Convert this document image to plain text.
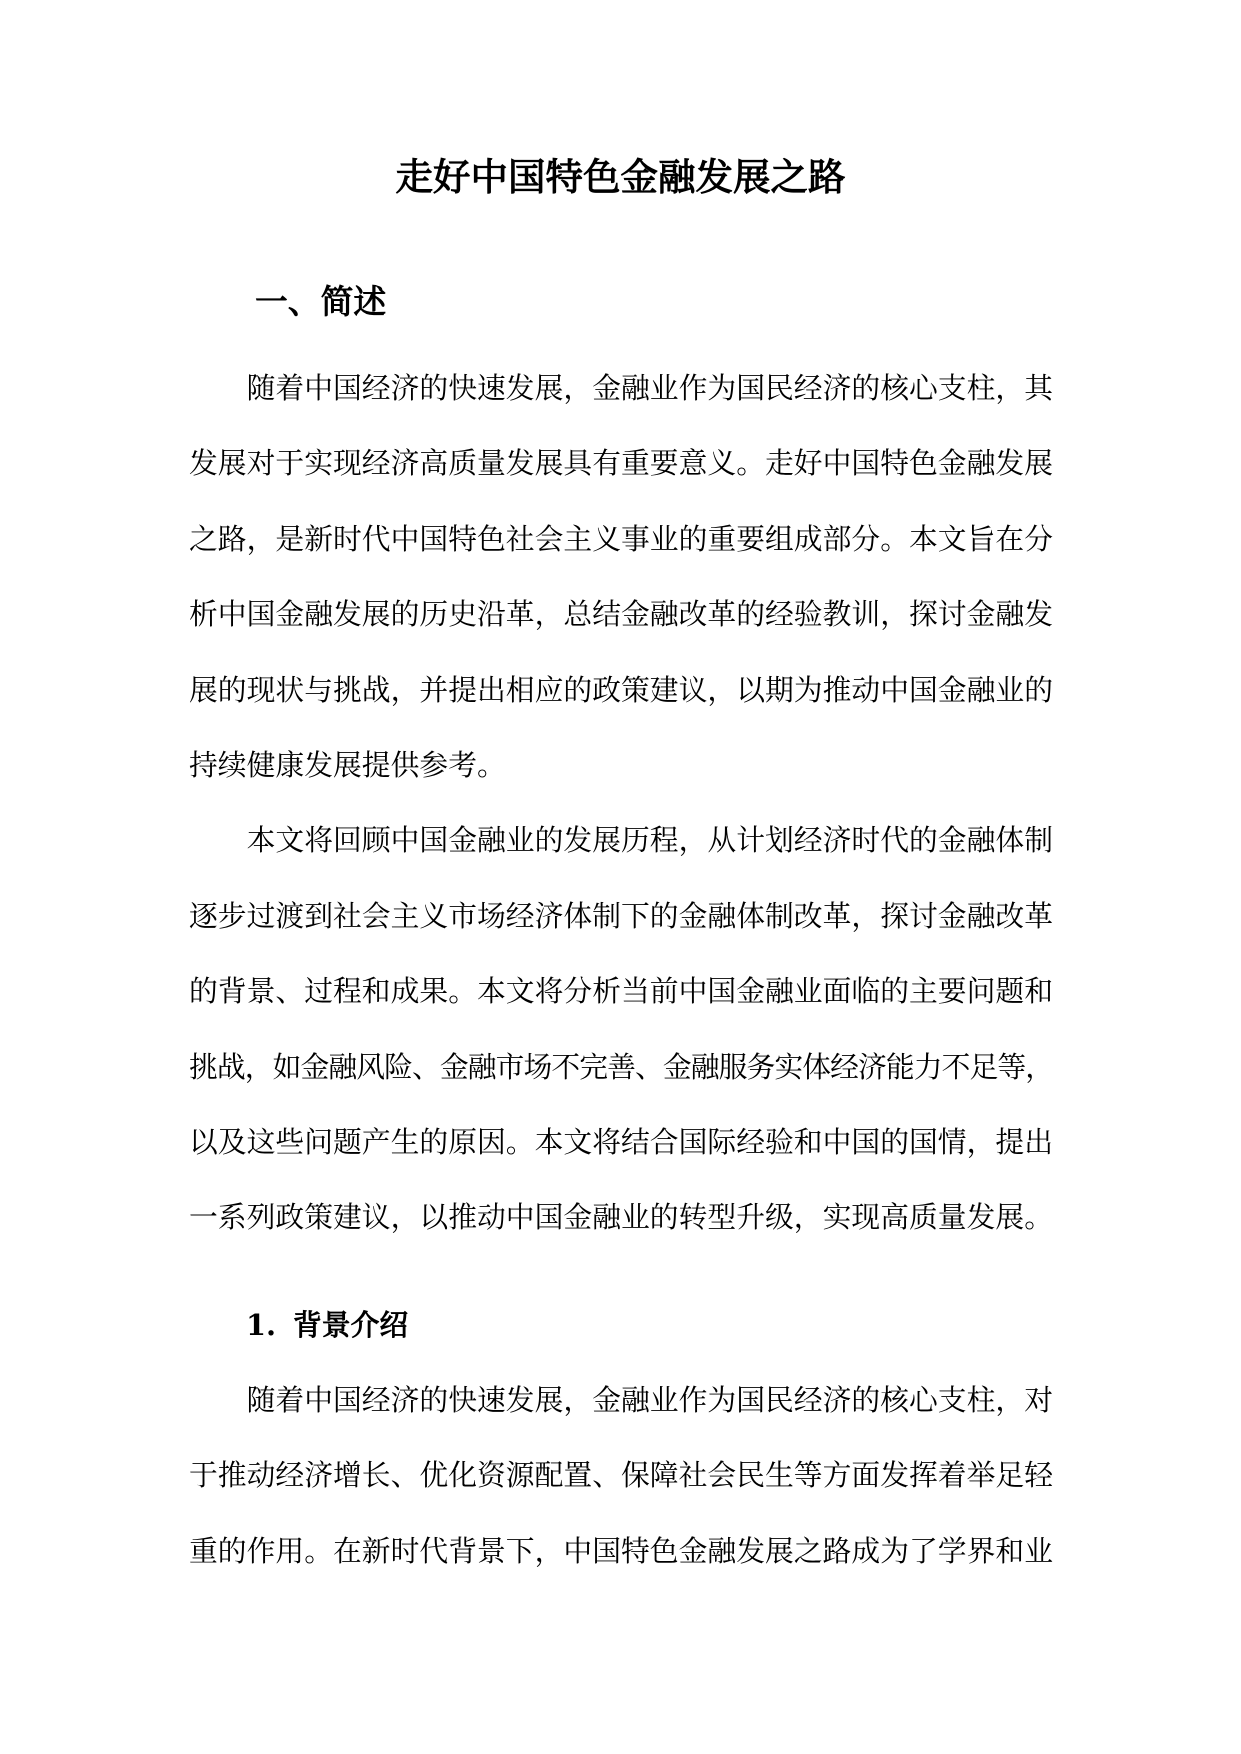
走好中国特色金融发展之路
一、简述
随着中国经济的快速发展，金融业作为国民经济的核心支柱，其
发展对于实现经济高质量发展具有重要意义。走好中国特色金融发展
之路，是新时代中国特色社会主义事业的重要组成部分。本文旨在分
析中国金融发展的历史沿革，总结金融改革的经验教训，探讨金融发
展的现状与挑战，并提出相应的政策建议，以期为推动中国金融业的
持续健康发展提供参考。
本文将回顾中国金融业的发展历程，从计划经济时代的金融体制
逐步过渡到社会主义市场经济体制下的金融体制改革，探讨金融改革
的背景、过程和成果。本文将分析当前中国金融业面临的主要问题和
挑战，如金融风险、金融市场不完善、金融服务实体经济能力不足等，
以及这些问题产生的原因。本文将结合国际经验和中国的国情，提出
一系列政策建议，以推动中国金融业的转型升级，实现高质量发展。
1. 背景介绍
随着中国经济的快速发展，金融业作为国民经济的核心支柱，对
于推动经济增长、优化资源配置、保障社会民生等方面发挥着举足轻
重的作用。在新时代背景下，中国特色金融发展之路成为了学界和业
